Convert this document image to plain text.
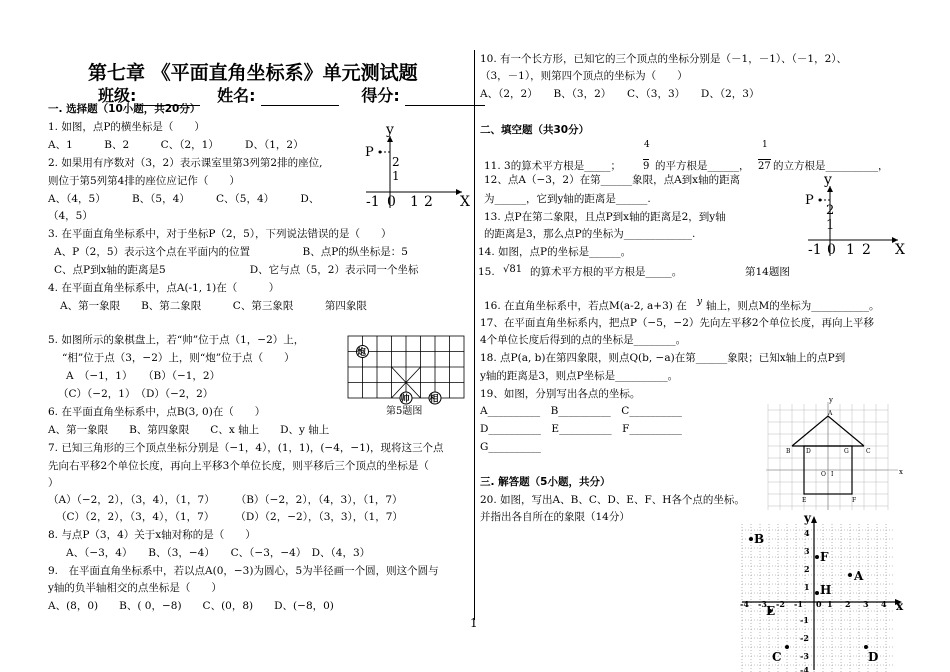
第七章 《平面直角坐标系》单元测试题
班级:	姓名:	得分:
一. 选择题（10小题，共20分）
1. 如图，点P的横坐标是（　　）
A、1　　　B、2　　　C、（2，1）　　　D、（1，2）
2. 如果用有序数对（3，2）表示课室里第3列第2排的座位,
则位于第5列第4排的座位应记作（　　）
A、（4，5）　　　B、（5，4）　　　C、（5，4）　　　D、
（4，5）
3. 在平面直角坐标系中，对于坐标P（2，5），下列说法错误的是（　　）
A、P（2，5）表示这个点在平面内的位置　　　　　B、点P的纵坐标是：5
C、点P到x轴的距离是5　　　　　　　　D、它与点（5，2）表示同一个坐标
4. 在平面直角坐标系中，点A(-1, 1)在（　　　）
A、第一象限　　B、第二象限　　　C、第三象限　　　第四象限
5. 如图所示的象棋盘上，若“帅”位于点（1，−2）上，
“相”位于点（3，−2）上，则“炮”位于点（　　）
A　（−1，1）　　（B）（−1，2）
（C）（−2，1）　（D）（−2，2）
6. 在平面直角坐标系中，点B(3, 0)在（　　）
A、第一象限　　B、第四象限　　C、x 轴上　　D、y 轴上
7. 已知三角形的三个顶点坐标分别是（−1，4），(1，1)，(−4，−1)，现将这三个点
先向右平移2个单位长度，再向上平移3个单位长度，则平移后三个顶点的坐标是（
）
（A）（−2，2），（3，4），（1，7）　　　（B）（−2，2），（4，3），（1，7）
（C）（2，2），（3，4），（1，7）　　　（D）（2，−2），（3，3），（1，7）
8. 与点P（3，4）关于x轴对称的是（　　）
A、（−3，4）　　B、（3，−4）　　C、（−3，−4）　D、（4，3）
9.　在平面直角坐标系中，若以点A(0，−3)为圆心，5为半径画一个圆，则这个圆与
y轴的负半轴相交的点坐标是（　　）
A、(8，0)　　B、( 0，−8)　　C、(0，8)　　D、(−8，0)
y
P
2
1
-1 0 1 2 X
炮
帅 相
第5题图
10. 有一个长方形，已知它的三个顶点的坐标分别是（－1，－1）、（－1，2）、
（3，－1），则第四个顶点的坐标为（　　）
A、（2，2）　　B、（3，2）　　C、（3，3）　　D、（2，3）
二、填空题（共30分）
4
9
1
27
11. 3的算术平方根是_____；	的平方根是______， 的立方根是__________，
12、点A（−3，2）在第______象限，点A到x轴的距离
为______，它到y轴的距离是______.
13. 点P在第二象限，且点P到x轴的距离是2，到y轴
的距离是3，那么点P的坐标为_____________.
14. 如图，点P的坐标是______。
15. √81 的算术平方根的平方根是_____。	第14题图
y
P
2
1
-1 0 1 2 X
16. 在直角坐标系中，若点M(a-2, a+3) 在 y 轴上，则点M的坐标为___________。
17、在平面直角坐标系内，把点P（−5，−2）先向左平移2个单位长度，再向上平移
4个单位长度后得到的点的坐标是________。
18. 点P(a, b)在第四象限，则点Q(b, −a)在第______象限；已知x轴上的点P到
y轴的距离是3，则点P坐标是__________。
19、如图，分别写出各点的坐标。
A__________　B__________　C__________
D__________　E__________　F__________
G__________
三. 解答题（5小题，共分）
20. 如图，写出A、B、C、D、E、F、H各个点的坐标。
并指出各自所在的象限（14分）
y
A
B	D	G	C
E	F
O I	x
y
x
-4 -3 -2 -1 0 1 2 3 4
4
3
2
1
-1
-2
-3
-4
B
F
A
H
E
C	D
1
